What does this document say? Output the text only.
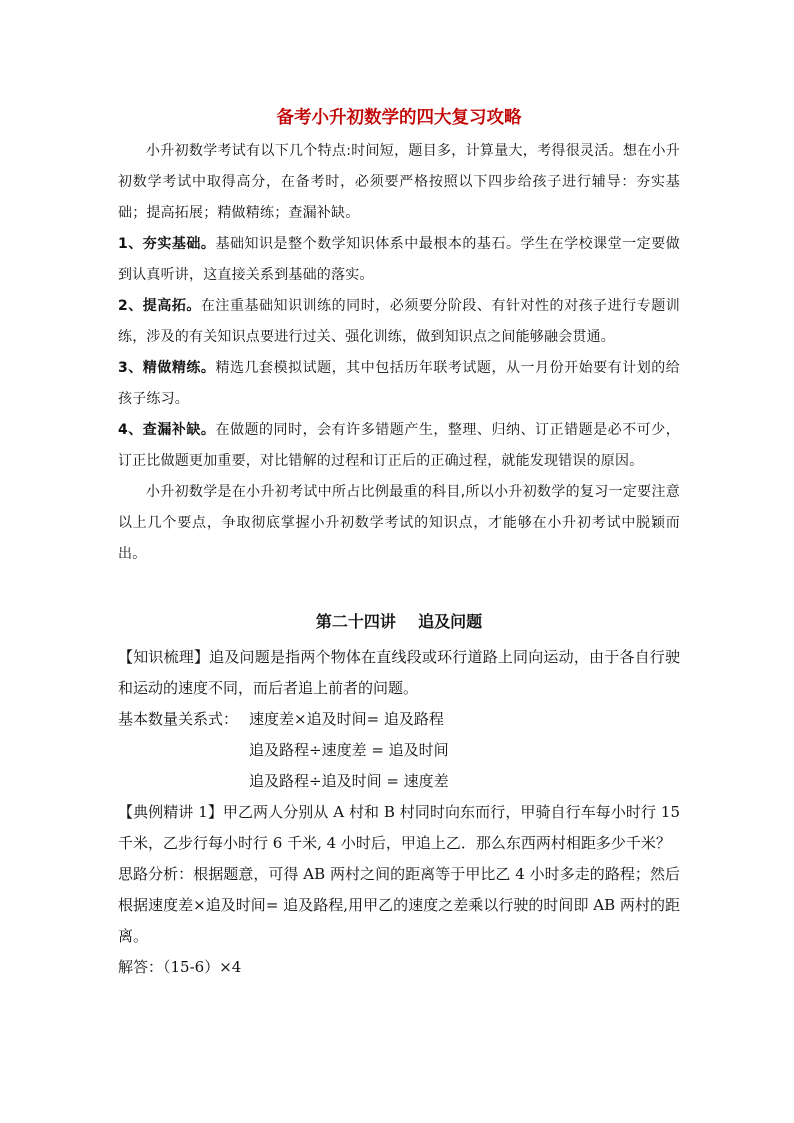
备考小升初数学的四大复习攻略

小升初数学考试有以下几个特点:时间短，题目多，计算量大，考得很灵活。想在小升初数学考试中取得高分，在备考时，必须要严格按照以下四步给孩子进行辅导：夯实基础；提高拓展；精做精练；查漏补缺。

1、夯实基础。基础知识是整个数学知识体系中最根本的基石。学生在学校课堂一定要做到认真听讲，这直接关系到基础的落实。

2、提高拓。在注重基础知识训练的同时，必须要分阶段、有针对性的对孩子进行专题训练，涉及的有关知识点要进行过关、强化训练，做到知识点之间能够融会贯通。

3、精做精练。精选几套模拟试题，其中包括历年联考试题，从一月份开始要有计划的给孩子练习。

4、查漏补缺。在做题的同时，会有许多错题产生，整理、归纳、订正错题是必不可少，订正比做题更加重要，对比错解的过程和订正后的正确过程，就能发现错误的原因。

小升初数学是在小升初考试中所占比例最重的科目,所以小升初数学的复习一定要注意以上几个要点，争取彻底掌握小升初数学考试的知识点，才能够在小升初考试中脱颖而出。

第二十四讲    追及问题

【知识梳理】追及问题是指两个物体在直线段或环行道路上同向运动，由于各自行驶和运动的速度不同，而后者追上前者的问题。

基本数量关系式： 速度差×追及时间= 追及路程

追及路程÷速度差 = 追及时间

追及路程÷追及时间 = 速度差

【典例精讲 1】甲乙两人分别从 A 村和 B 村同时向东而行，甲骑自行车每小时行 15 千米，乙步行每小时行 6 千米, 4 小时后，甲追上乙．那么东西两村相距多少千米？

思路分析：根据题意，可得 AB 两村之间的距离等于甲比乙 4 小时多走的路程；然后根据速度差×追及时间= 追及路程,用甲乙的速度之差乘以行驶的时间即 AB 两村的距离。

解答：（15-6）×4
